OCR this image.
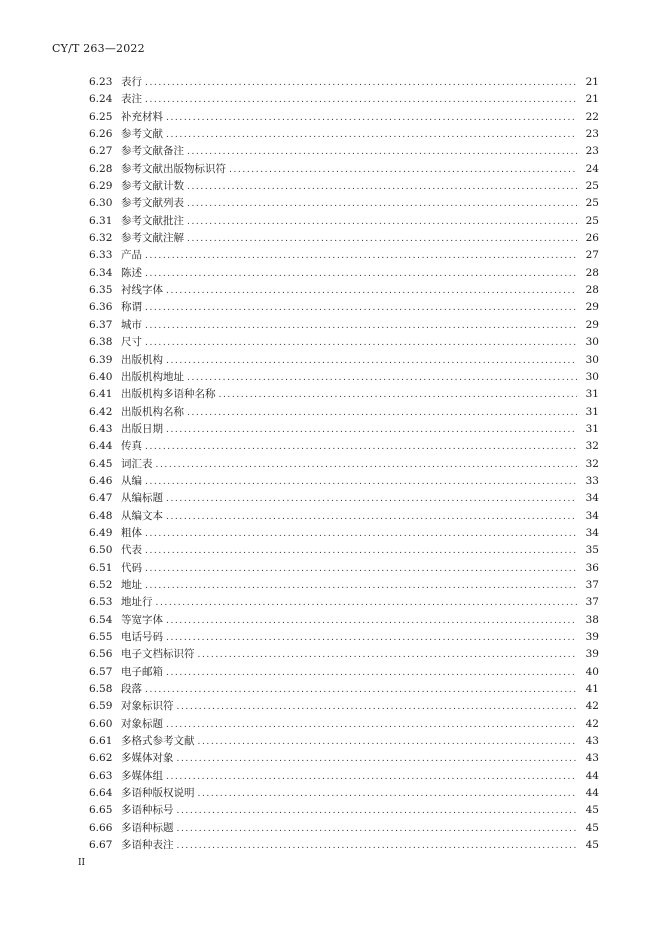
CY/T 263—2022
6.23 表行 .....	21
6.24 表注 .....	21
6.25 补充材料 .....	22
6.26 参考文献 .....	23
6.27 参考文献备注 .....	23
6.28 参考文献出版物标识符 .....	24
6.29 参考文献计数 .....	25
6.30 参考文献列表 .....	25
6.31 参考文献批注 .....	25
6.32 参考文献注解 .....	26
6.33 产品 .....	27
6.34 陈述 .....	28
6.35 衬线字体 .....	28
6.36 称谓 .....	29
6.37 城市 .....	29
6.38 尺寸 .....	30
6.39 出版机构 .....	30
6.40 出版机构地址 .....	30
6.41 出版机构多语种名称 .....	31
6.42 出版机构名称 .....	31
6.43 出版日期 .....	31
6.44 传真 .....	32
6.45 词汇表 .....	32
6.46 从编 .....	33
6.47 从编标题 .....	34
6.48 从编文本 .....	34
6.49 粗体 .....	34
6.50 代表 .....	35
6.51 代码 .....	36
6.52 地址 .....	37
6.53 地址行 .....	37
6.54 等宽字体 .....	38
6.55 电话号码 .....	39
6.56 电子文档标识符 .....	39
6.57 电子邮箱 .....	40
6.58 段落 .....	41
6.59 对象标识符 .....	42
6.60 对象标题 .....	42
6.61 多格式参考文献 .....	43
6.62 多媒体对象 .....	43
6.63 多媒体组 .....	44
6.64 多语种版权说明 .....	44
6.65 多语种标号 .....	45
6.66 多语种标题 .....	45
6.67 多语种表注 .....	45
II
